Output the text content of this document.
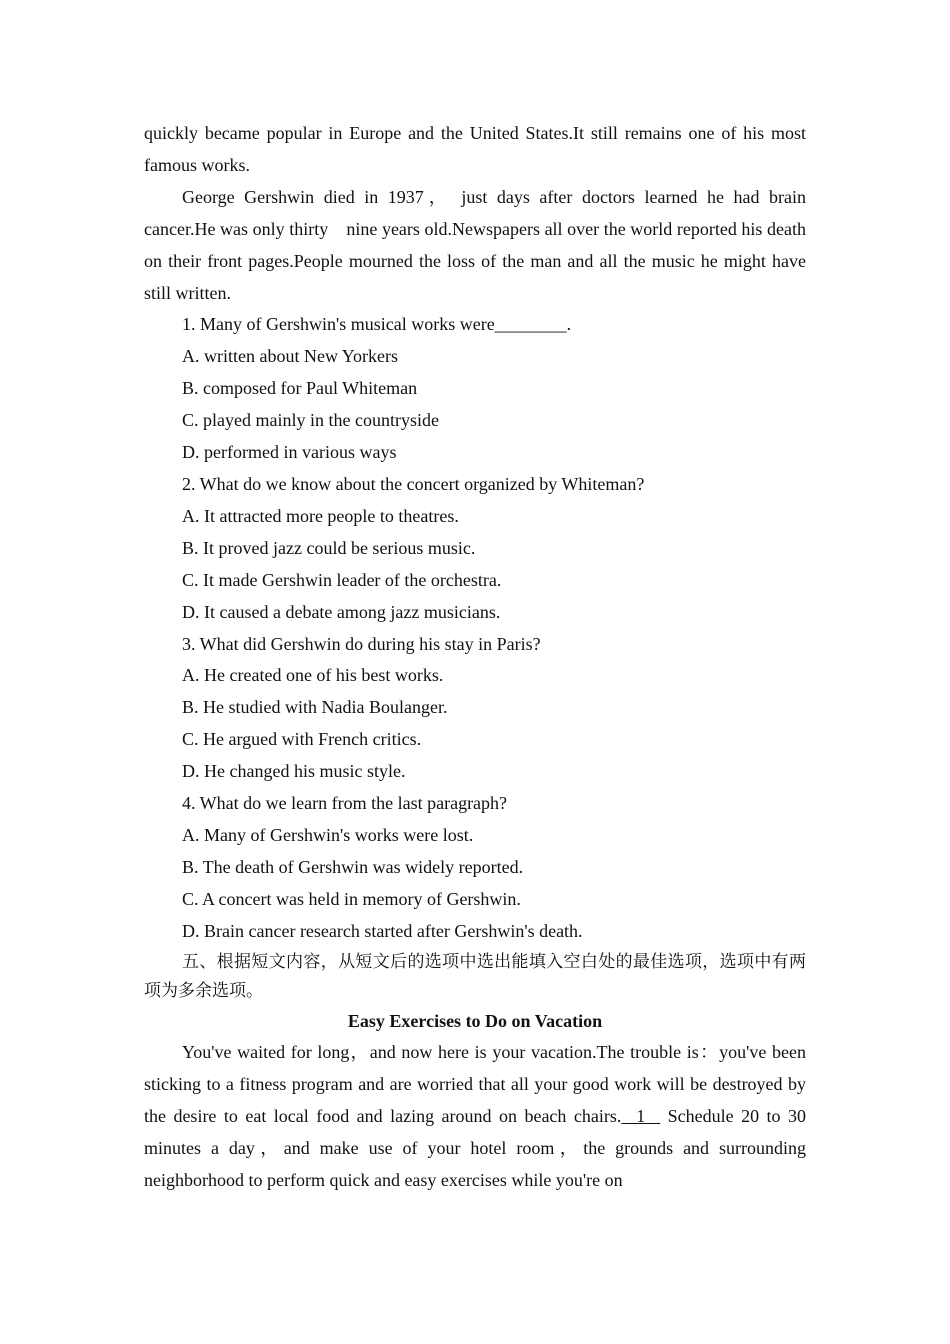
quickly became popular in Europe and the United States.It still remains one of his most famous works.

George Gershwin died in 1937， just days after doctors learned he had brain cancer.He was only thirty　nine years old.Newspapers all over the world reported his death on their front pages.People mourned the loss of the man and all the music he might have still written.

1. Many of Gershwin's musical works were________.

A. written about New Yorkers

B. composed for Paul Whiteman

C. played mainly in the countryside

D. performed in various ways

2. What do we know about the concert organized by Whiteman?

A. It attracted more people to theatres.

B. It proved jazz could be serious music.

C. It made Gershwin leader of the orchestra.

D. It caused a debate among jazz musicians.

3. What did Gershwin do during his stay in Paris?

A. He created one of his best works.

B. He studied with Nadia Boulanger.

C. He argued with French critics.

D. He changed his music style.

4. What do we learn from the last paragraph?

A. Many of Gershwin's works were lost.

B. The death of Gershwin was widely reported.

C. A concert was held in memory of Gershwin.

D. Brain cancer research started after Gershwin's death.

五、根据短文内容，从短文后的选项中选出能填入空白处的最佳选项，选项中有两项为多余选项。

Easy Exercises to Do on Vacation

You've waited for long，and now here is your vacation.The trouble is：you've been sticking to a fitness program and are worried that all your good work will be destroyed by the desire to eat local food and lazing around on beach chairs.  1   Schedule 20 to 30 minutes a day，and make use of your hotel room，the grounds and surrounding neighborhood to perform quick and easy exercises while you're on
